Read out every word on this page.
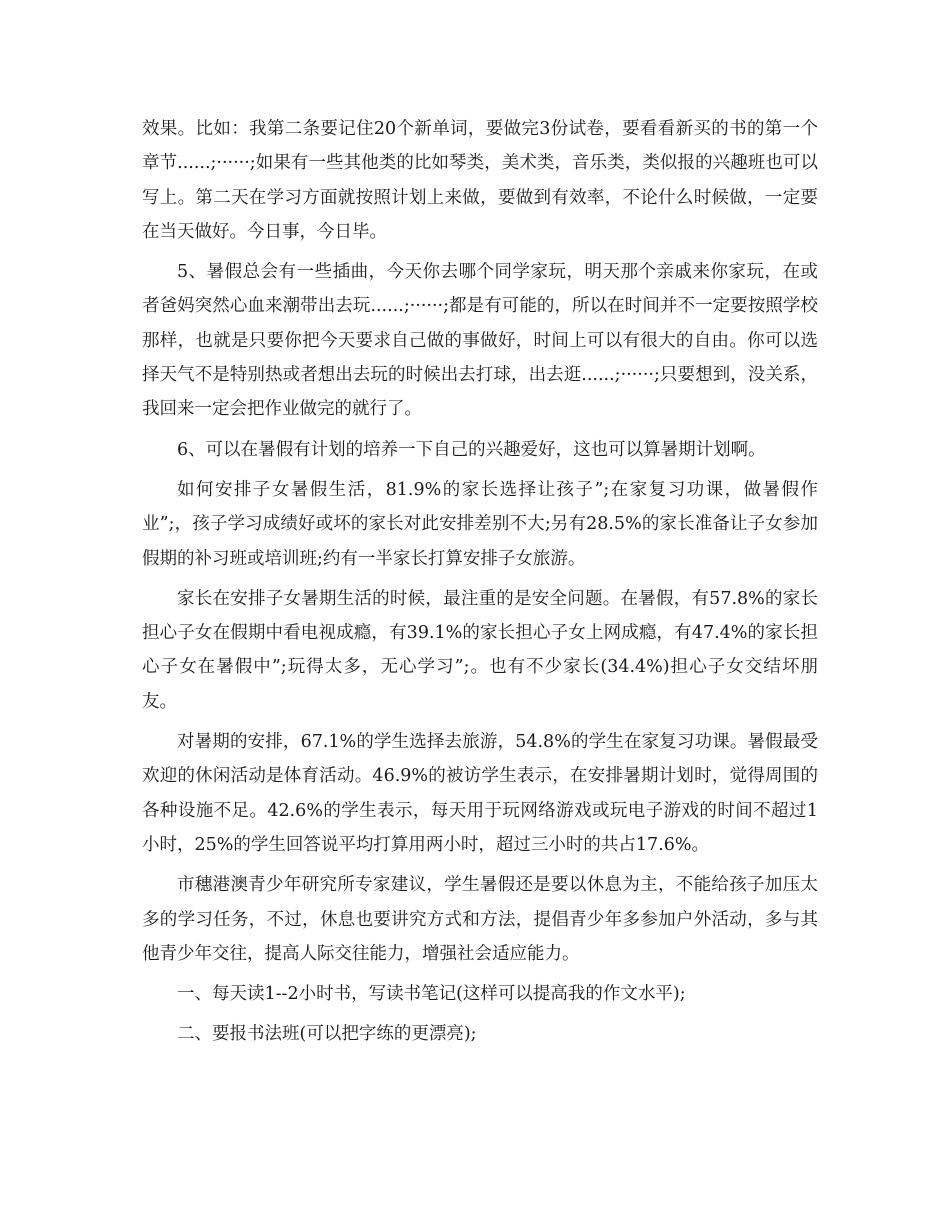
效果。比如：我第二条要记住20个新单词，要做完3份试卷，要看看新买的书的第一个章节......;······;如果有一些其他类的比如琴类，美术类，音乐类，类似报的兴趣班也可以写上。第二天在学习方面就按照计划上来做，要做到有效率，不论什么时候做，一定要在当天做好。今日事，今日毕。

5、暑假总会有一些插曲，今天你去哪个同学家玩，明天那个亲戚来你家玩，在或者爸妈突然心血来潮带出去玩......;······;都是有可能的，所以在时间并不一定要按照学校那样，也就是只要你把今天要求自己做的事做好，时间上可以有很大的自由。你可以选择天气不是特别热或者想出去玩的时候出去打球，出去逛......;······;只要想到，没关系，我回来一定会把作业做完的就行了。

6、可以在暑假有计划的培养一下自己的兴趣爱好，这也可以算暑期计划啊。

如何安排子女暑假生活，81.9%的家长选择让孩子”;在家复习功课，做暑假作业”;，孩子学习成绩好或坏的家长对此安排差别不大;另有28.5%的家长准备让子女参加假期的补习班或培训班;约有一半家长打算安排子女旅游。

家长在安排子女暑期生活的时候，最注重的是安全问题。在暑假，有57.8%的家长担心子女在假期中看电视成瘾，有39.1%的家长担心子女上网成瘾，有47.4%的家长担心子女在暑假中”;玩得太多，无心学习”;。也有不少家长(34.4%)担心子女交结坏朋友。

对暑期的安排，67.1%的学生选择去旅游，54.8%的学生在家复习功课。暑假最受欢迎的休闲活动是体育活动。46.9%的被访学生表示，在安排暑期计划时，觉得周围的各种设施不足。42.6%的学生表示，每天用于玩网络游戏或玩电子游戏的时间不超过1小时，25%的学生回答说平均打算用两小时，超过三小时的共占17.6%。

市穗港澳青少年研究所专家建议，学生暑假还是要以休息为主，不能给孩子加压太多的学习任务，不过，休息也要讲究方式和方法，提倡青少年多参加户外活动，多与其他青少年交往，提高人际交往能力，增强社会适应能力。

一、每天读1--2小时书，写读书笔记(这样可以提高我的作文水平);

二、要报书法班(可以把字练的更漂亮);
